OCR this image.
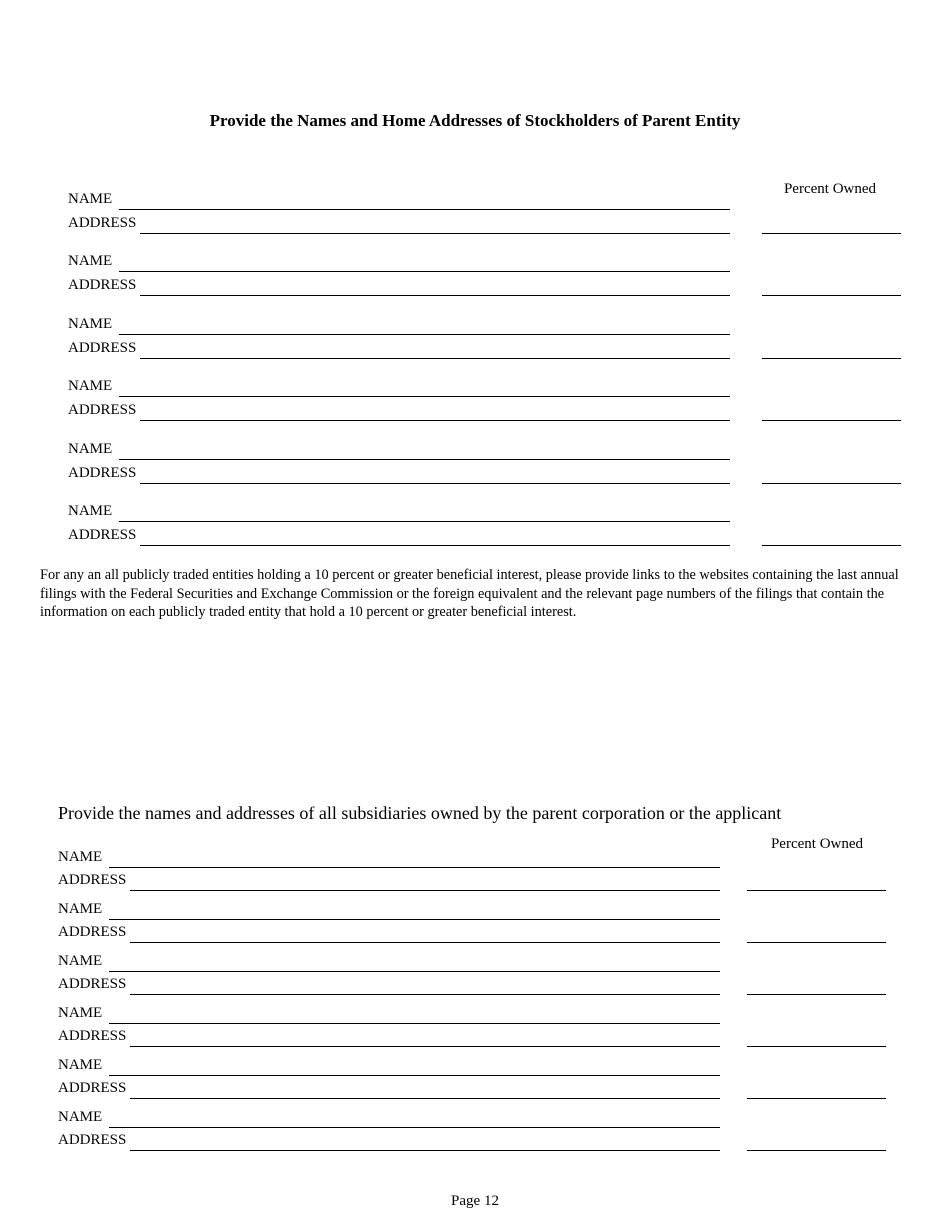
Provide the Names and Home Addresses of Stockholders of Parent Entity
Percent Owned
NAME
ADDRESS
NAME
ADDRESS
NAME
ADDRESS
NAME
ADDRESS
NAME
ADDRESS
NAME
ADDRESS
For any an all publicly traded entities holding a 10 percent or greater beneficial interest, please provide links to the websites containing the last annual filings with the Federal Securities and Exchange Commission or the foreign equivalent and the relevant page numbers of the filings that contain the information on each publicly traded entity that hold a 10 percent or greater beneficial interest.
Provide the names and addresses of all subsidiaries owned by the parent corporation or the applicant
Percent Owned
NAME
ADDRESS
NAME
ADDRESS
NAME
ADDRESS
NAME
ADDRESS
NAME
ADDRESS
NAME
ADDRESS
Page 12
